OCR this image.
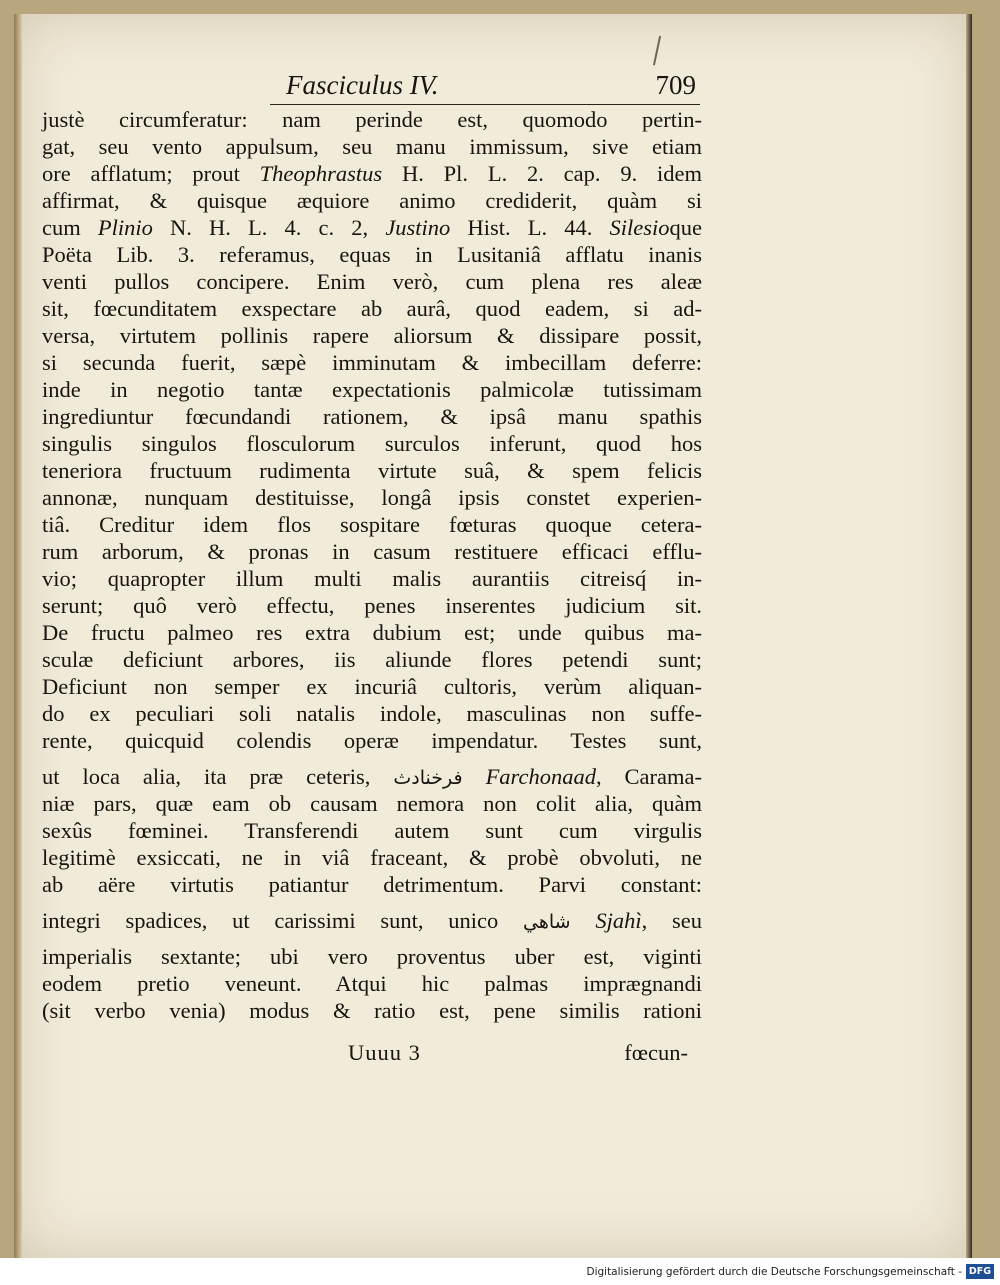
Fasciculus IV.	709
justè circumferatur: nam perinde est, quomodo pertin-
gat, seu vento appulsum, seu manu immissum, sive etiam
ore afflatum; prout Theophrastus H. Pl. L. 2. cap. 9. idem
affirmat, & quisque æquiore animo crediderit, quàm si
cum Plinio N. H. L. 4. c. 2, Justino Hist. L. 44. Silesioque
Poëta Lib. 3. referamus, equas in Lusitaniâ afflatu inanis
venti pullos concipere. Enim verò, cum plena res aleæ
sit, fœcunditatem exspectare ab aurâ, quod eadem, si ad-
versa, virtutem pollinis rapere aliorsum & dissipare possit,
si secunda fuerit, sæpè imminutam & imbecillam deferre:
inde in negotio tantæ expectationis palmicolæ tutissimam
ingrediuntur fœcundandi rationem, & ipsâ manu spathis
singulis singulos flosculorum surculos inferunt, quod hos
teneriora fructuum rudimenta virtute suâ, & spem felicis
annonæ, nunquam destituisse, longâ ipsis constet experien-
tiâ. Creditur idem flos sospitare fœturas quoque cetera-
rum arborum, & pronas in casum restituere efficaci efflu-
vio; quapropter illum multi malis aurantiis citreisq́ in-
serunt; quô verò effectu, penes inserentes judicium sit.
De fructu palmeo res extra dubium est; unde quibus ma-
sculæ deficiunt arbores, iis aliunde flores petendi sunt;
Deficiunt non semper ex incuriâ cultoris, verùm aliquan-
do ex peculiari soli natalis indole, masculinas non suffe-
rente, quicquid colendis operæ impendatur. Testes sunt,
ut loca alia, ita præ ceteris, فرخنادث Farchonaad, Carama-
niæ pars, quæ eam ob causam nemora non colit alia, quàm
sexûs fœminei. Transferendi autem sunt cum virgulis
legitimè exsiccati, ne in viâ fraceant, & probè obvoluti, ne
ab aëre virtutis patiantur detrimentum. Parvi constant:
integri spadices, ut carissimi sunt, unico شاهي Sjahì, seu
imperialis sextante; ubi vero proventus uber est, viginti
eodem pretio veneunt. Atqui hic palmas imprægnandi
(sit verbo venia) modus & ratio est, pene similis rationi
Uuuu 3	fœcun-
Digitalisierung gefördert durch die Deutsche Forschungsgemeinschaft - DFG
